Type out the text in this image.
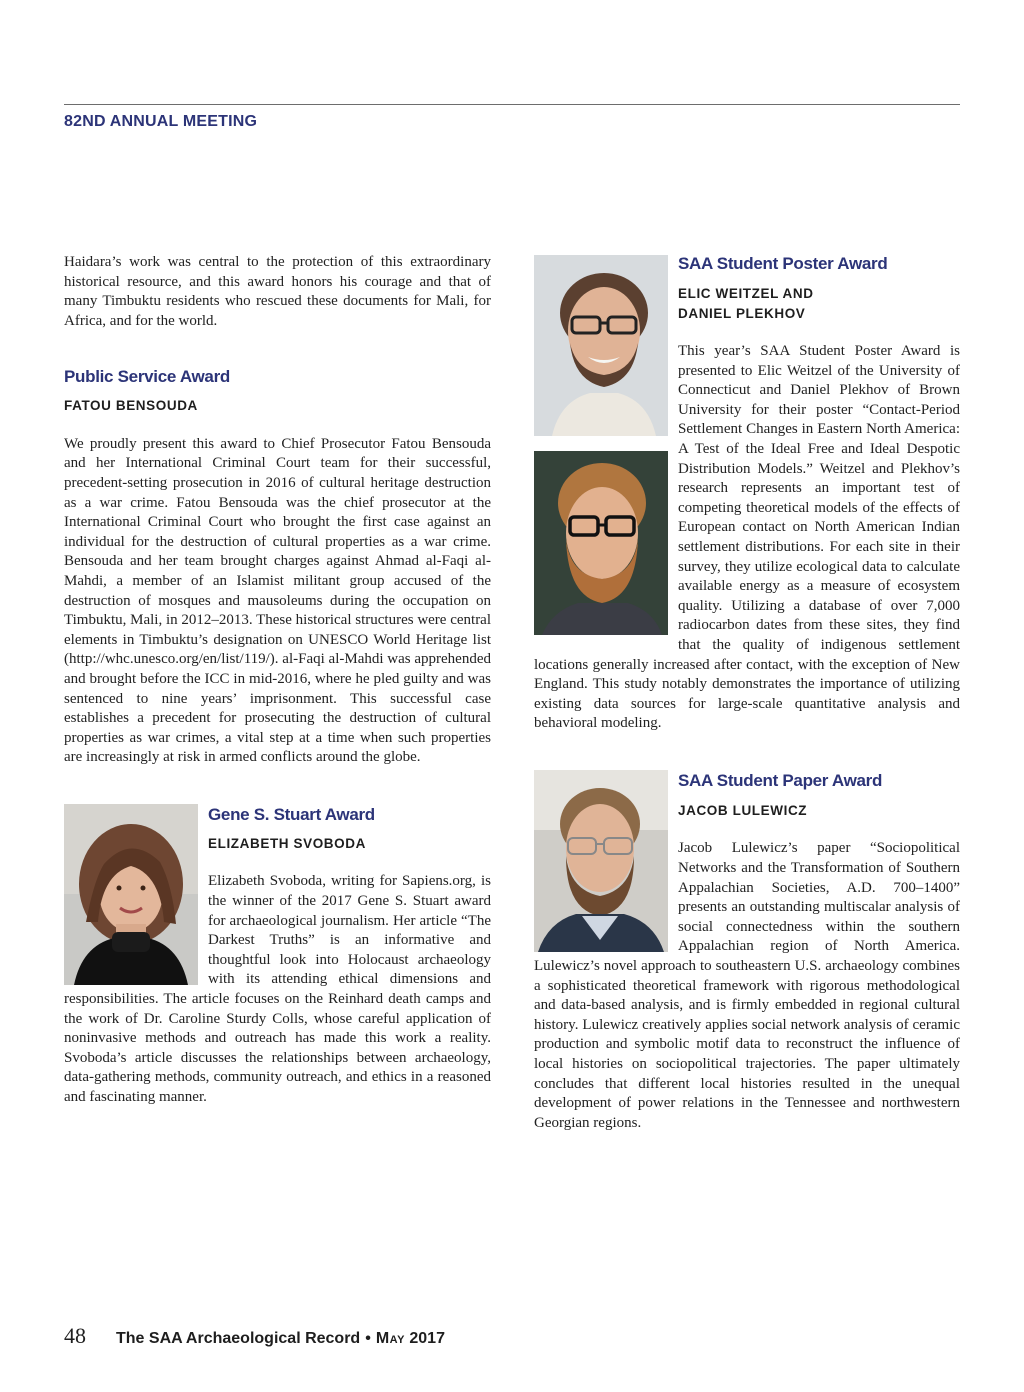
82ND ANNUAL MEETING

Haidara’s work was central to the protection of this extraordinary historical resource, and this award honors his courage and that of many Timbuktu residents who rescued these documents for Mali, for Africa, and for the world.

Public Service Award
FATOU BENSOUDA

We proudly present this award to Chief Prosecutor Fatou Bensouda and her International Criminal Court team for their successful, precedent-setting prosecution in 2016 of cultural heritage destruction as a war crime. Fatou Bensouda was the chief prosecutor at the International Criminal Court who brought the first case against an individual for the destruction of cultural properties as a war crime. Bensouda and her team brought charges against Ahmad al-Faqi al-Mahdi, a member of an Islamist militant group accused of the destruction of mosques and mausoleums during the occupation on Timbuktu, Mali, in 2012–2013. These historical structures were central elements in Timbuktu’s designation on UNESCO World Heritage list (http://whc.unesco.org/en/list/119/). al-Faqi al-Mahdi was apprehended and brought before the ICC in mid-2016, where he pled guilty and was sentenced to nine years’ imprisonment. This successful case establishes a precedent for prosecuting the destruction of cultural properties as war crimes, a vital step at a time when such properties are increasingly at risk in armed conflicts around the globe.

Gene S. Stuart Award
ELIZABETH SVOBODA

Elizabeth Svoboda, writing for Sapiens.org, is the winner of the 2017 Gene S. Stuart award for archaeological journalism. Her article “The Darkest Truths” is an informative and thoughtful look into Holocaust archaeology with its attending ethical dimensions and responsibilities. The article focuses on the Reinhard death camps and the work of Dr. Caroline Sturdy Colls, whose careful application of noninvasive methods and outreach has made this work a reality. Svoboda’s article discusses the relationships between archaeology, data-gathering methods, community outreach, and ethics in a reasoned and fascinating manner.

SAA Student Poster Award
ELIC WEITZEL AND
DANIEL PLEKHOV

This year’s SAA Student Poster Award is presented to Elic Weitzel of the University of Connecticut and Daniel Plekhov of Brown University for their poster “Contact-Period Settlement Changes in Eastern North America: A Test of the Ideal Free and Ideal Despotic Distribution Models.” Weitzel and Plekhov’s research represents an important test of competing theoretical models of the effects of European contact on North American Indian settlement distributions. For each site in their survey, they utilize ecological data to calculate available energy as a measure of ecosystem quality. Utilizing a database of over 7,000 radiocarbon dates from these sites, they find that the quality of indigenous settlement locations generally increased after contact, with the exception of New England. This study notably demonstrates the importance of utilizing existing data sources for large-scale quantitative analysis and behavioral modeling.

SAA Student Paper Award
JACOB LULEWICZ

Jacob Lulewicz’s paper “Sociopolitical Networks and the Transformation of Southern Appalachian Societies, A.D. 700–1400” presents an outstanding multiscalar analysis of social connectedness within the southern Appalachian region of North America. Lulewicz’s novel approach to southeastern U.S. archaeology combines a sophisticated theoretical framework with rigorous methodological and data-based analysis, and is firmly embedded in regional cultural history. Lulewicz creatively applies social network analysis of ceramic production and symbolic motif data to reconstruct the influence of local histories on sociopolitical trajectories. The paper ultimately concludes that different local histories resulted in the unequal development of power relations in the Tennessee and northwestern Georgian regions.

48 The SAA Archaeological Record • May 2017
